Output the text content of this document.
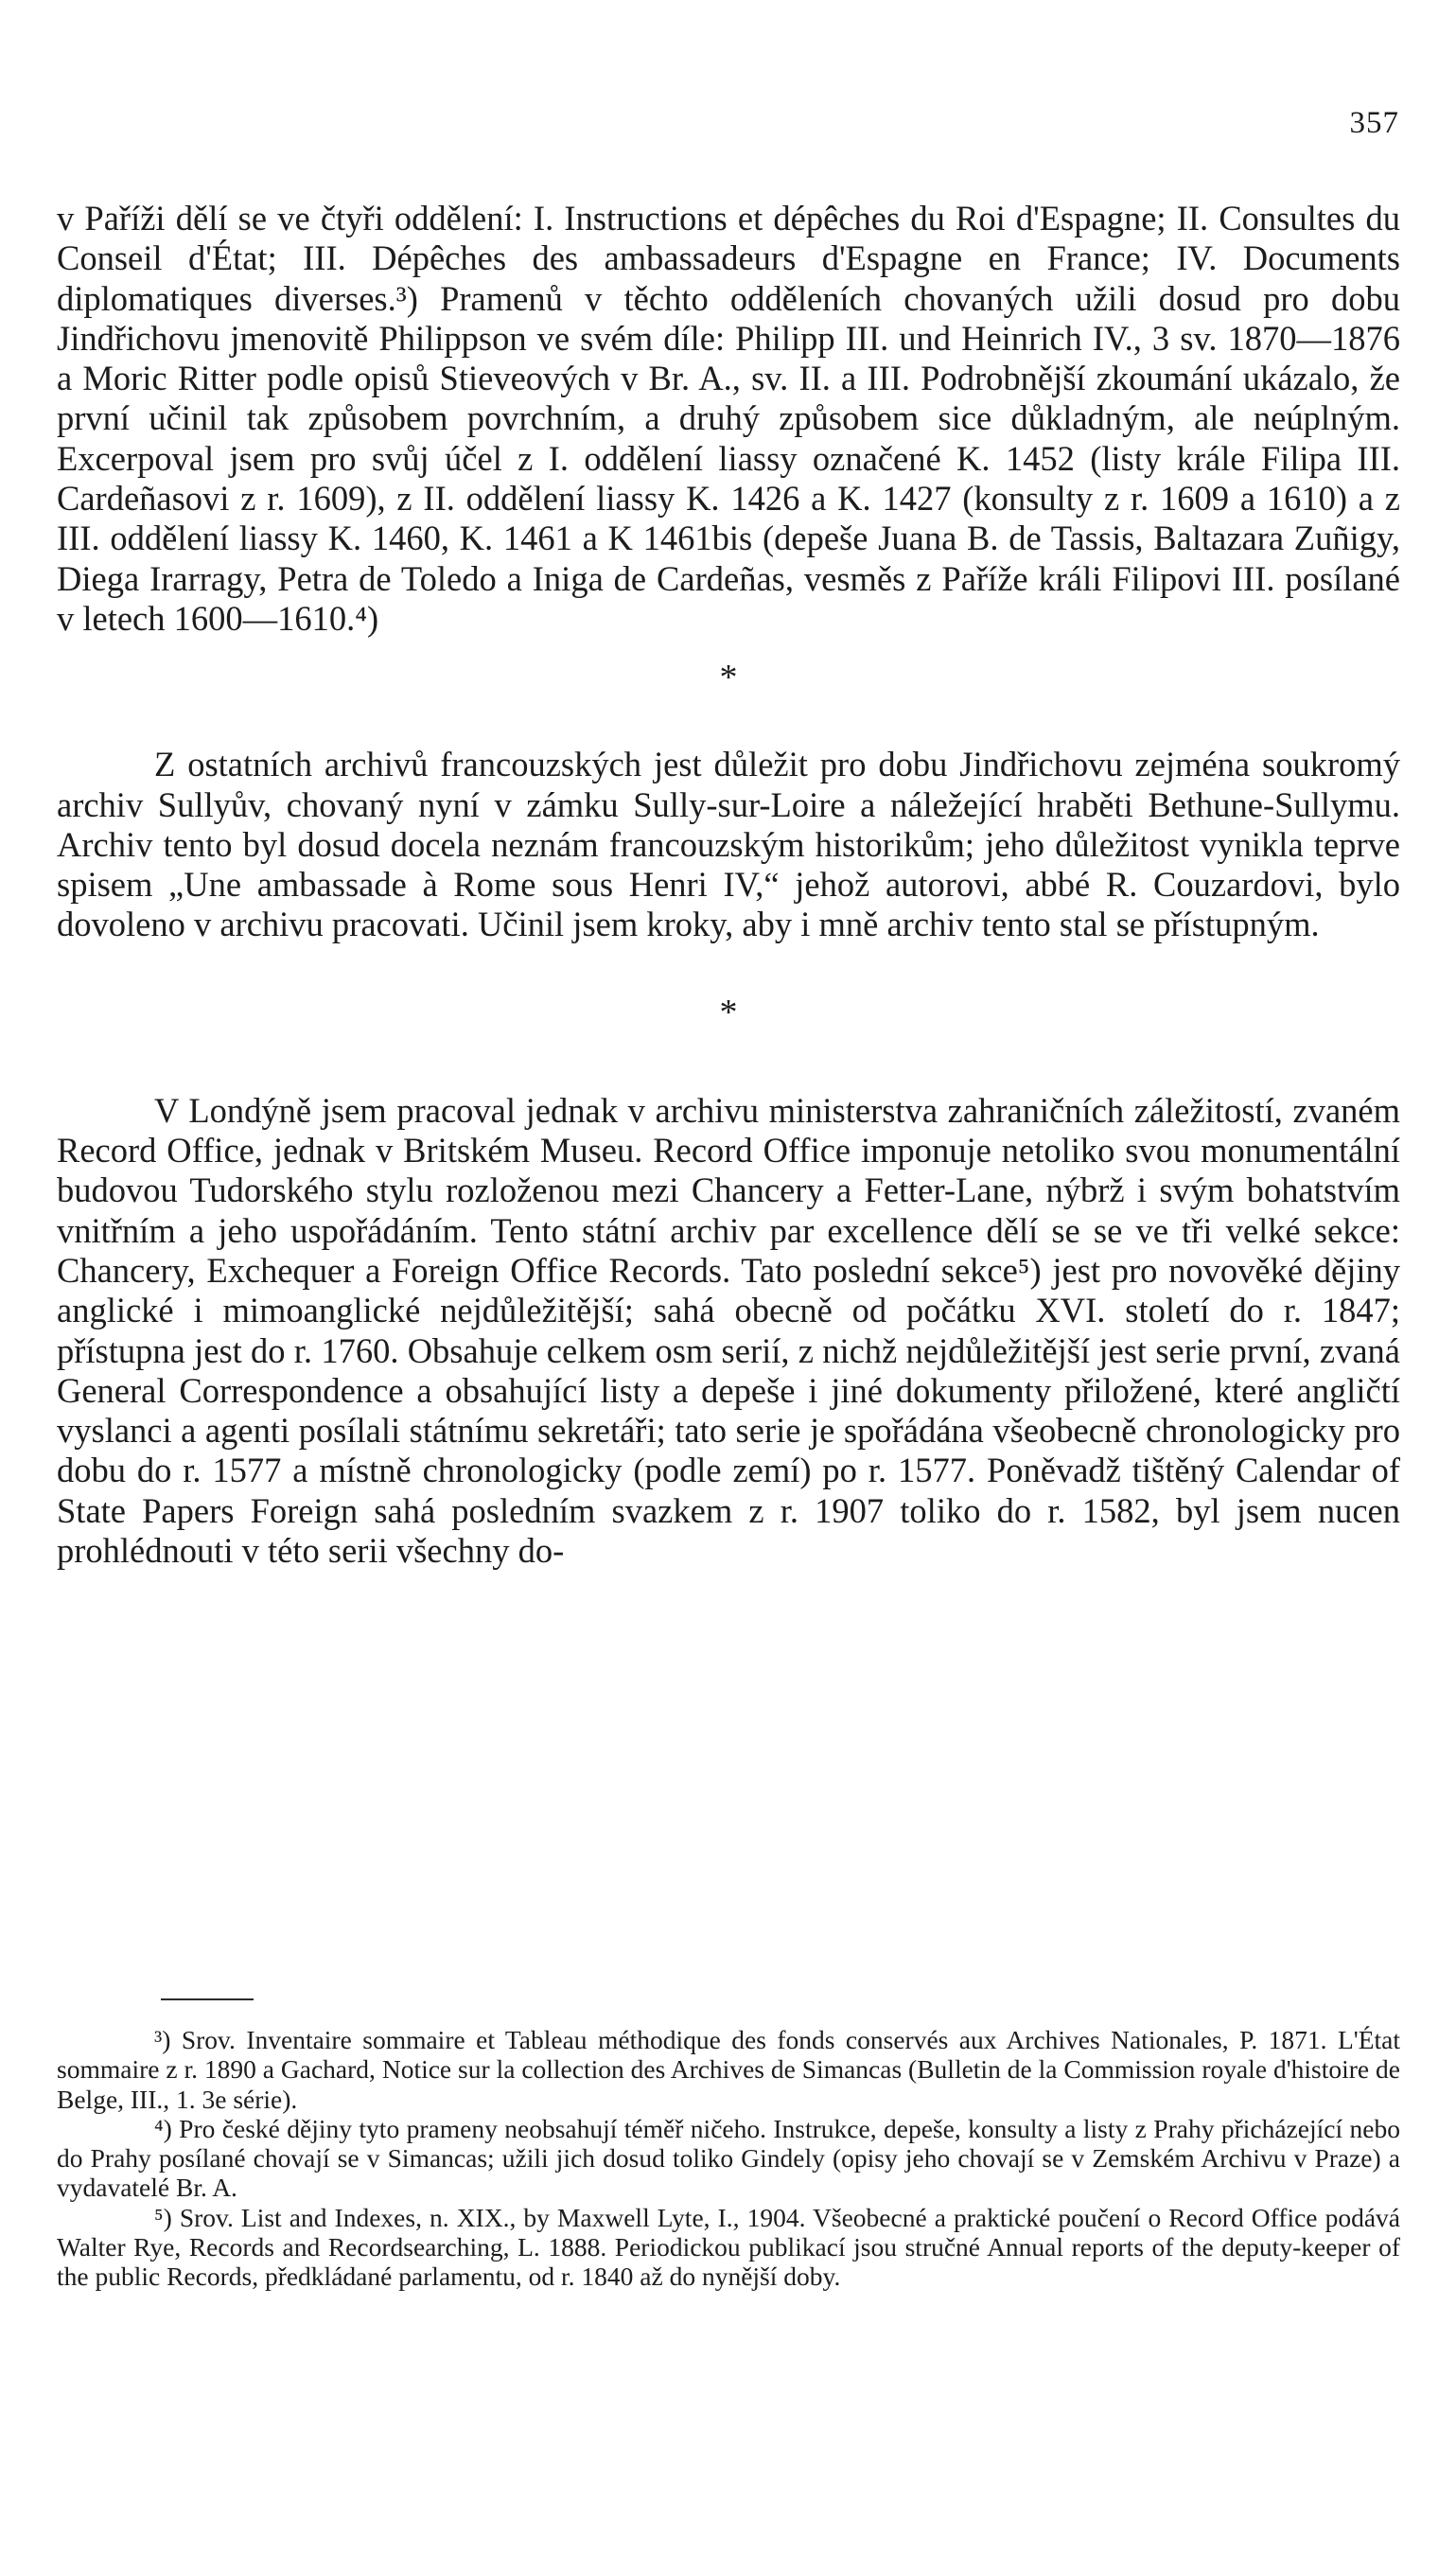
357

v Paříži dělí se ve čtyři oddělení: I. Instructions et dépêches du Roi d'Espagne; II. Consultes du Conseil d'État; III. Dépêches des ambassadeurs d'Espagne en France; IV. Documents diplomatiques diverses.³) Pramenů v těchto odděleních chovaných užili dosud pro dobu Jindřichovu jmenovitě Philippson ve svém díle: Philipp III. und Heinrich IV., 3 sv. 1870—1876 a Moric Ritter podle opisů Stieveových v Br. A., sv. II. a III. Podrobnější zkoumání ukázalo, že první učinil tak způsobem povrchním, a druhý způsobem sice důkladným, ale neúplným. Excerpoval jsem pro svůj účel z I. oddělení liassy označené K. 1452 (listy krále Filipa III. Cardeñasovi z r. 1609), z II. oddělení liassy K. 1426 a K. 1427 (konsulty z r. 1609 a 1610) a z III. oddělení liassy K. 1460, K. 1461 a K 1461bis (depeše Juana B. de Tassis, Baltazara Zuñigy, Diega Irarragy, Petra de Toledo a Iniga de Cardeñas, vesměs z Paříže králi Filipovi III. posílané v letech 1600—1610.⁴)

*

Z ostatních archivů francouzských jest důležit pro dobu Jindřichovu zejména soukromý archiv Sullyův, chovaný nyní v zámku Sully-sur-Loire a náležející hraběti Bethune-Sullymu. Archiv tento byl dosud docela neznám francouzským historikům; jeho důležitost vynikla teprve spisem „Une ambassade à Rome sous Henri IV,“ jehož autorovi, abbé R. Couzardovi, bylo dovoleno v archivu pracovati. Učinil jsem kroky, aby i mně archiv tento stal se přístupným.

*

V Londýně jsem pracoval jednak v archivu ministerstva zahraničních záležitostí, zvaném Record Office, jednak v Britském Museu. Record Office imponuje netoliko svou monumentální budovou Tudorského stylu rozloženou mezi Chancery a Fetter-Lane, nýbrž i svým bohatstvím vnitřním a jeho uspořádáním. Tento státní archiv par excellence dělí se se ve tři velké sekce: Chancery, Exchequer a Foreign Office Records. Tato poslední sekce⁵) jest pro novověké dějiny anglické i mimoanglické nejdůležitější; sahá obecně od počátku XVI. století do r. 1847; přístupna jest do r. 1760. Obsahuje celkem osm serií, z nichž nejdůležitější jest serie první, zvaná General Correspondence a obsahující listy a depeše i jiné dokumenty přiložené, které angličtí vyslanci a agenti posílali státnímu sekretáři; tato serie je spořádána všeobecně chronologicky pro dobu do r. 1577 a místně chronologicky (podle zemí) po r. 1577. Poněvadž tištěný Calendar of State Papers Foreign sahá posledním svazkem z r. 1907 toliko do r. 1582, byl jsem nucen prohlédnouti v této serii všechny do-

³) Srov. Inventaire sommaire et Tableau méthodique des fonds conservés aux Archives Nationales, P. 1871. L'État sommaire z r. 1890 a Gachard, Notice sur la collection des Archives de Simancas (Bulletin de la Commission royale d'histoire de Belge, III., 1. 3e série).

⁴) Pro české dějiny tyto prameny neobsahují téměř ničeho. Instrukce, depeše, konsulty a listy z Prahy přicházející nebo do Prahy posílané chovají se v Simancas; užili jich dosud toliko Gindely (opisy jeho chovají se v Zemském Archivu v Praze) a vydavatelé Br. A.

⁵) Srov. List and Indexes, n. XIX., by Maxwell Lyte, I., 1904. Všeobecné a praktické poučení o Record Office podává Walter Rye, Records and Recordsearching, L. 1888. Periodickou publikací jsou stručné Annual reports of the deputy-keeper of the public Records, předkládané parlamentu, od r. 1840 až do nynější doby.
